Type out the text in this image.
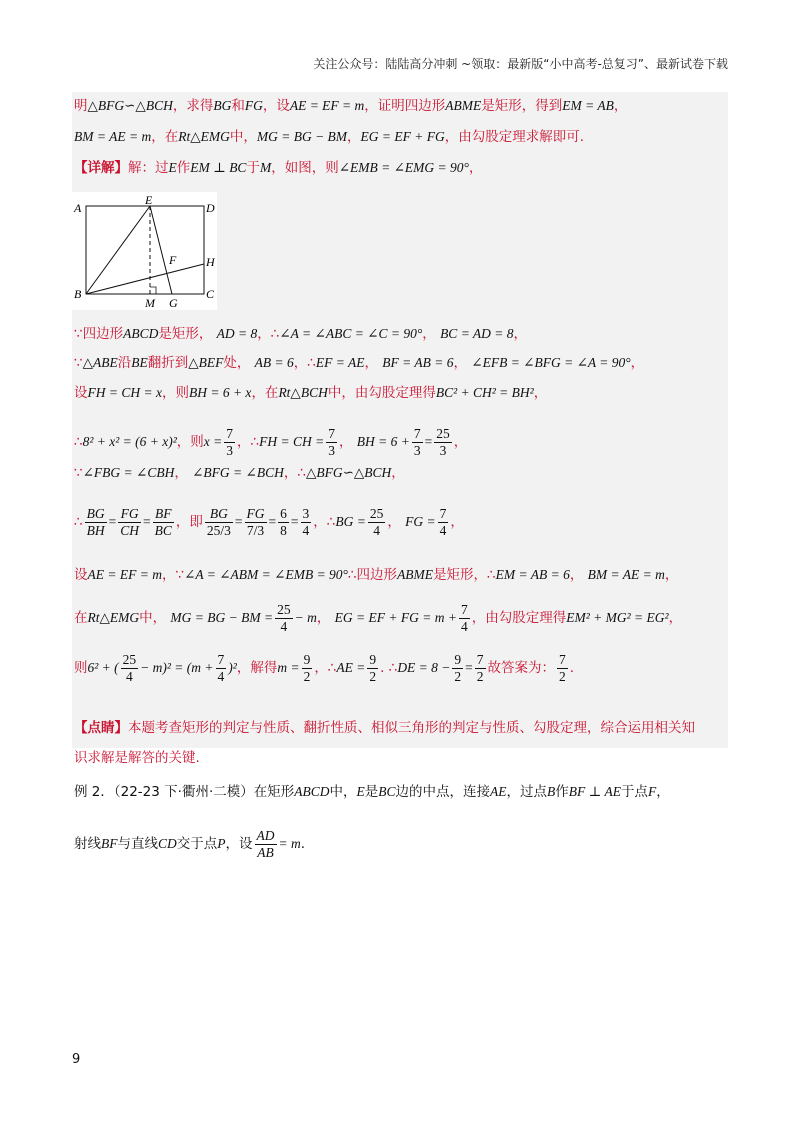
关注公众号：陆陆高分冲刺 ~领取：最新版“小中高考-总复习”、最新试卷下载
明△BFG∽△BCH，求得BG和FG，设AE = EF = m，证明四边形ABME是矩形，得到EM = AB，
BM = AE = m，在Rt△EMG中，MG = BG − BM，EG = EF + FG，由勾股定理求解即可.
【详解】解：过E作EM ⊥ BC于M，如图，则∠EMB = ∠EMG = 90°，
A
E
D
F H
B
M G
C
∵四边形ABCD是矩形， AD = 8，∴∠A = ∠ABC = ∠C = 90°， BC = AD = 8，
∵△ABE沿BE翻折到△BEF处， AB = 6，∴EF = AE， BF = AB = 6， ∠EFB = ∠BFG = ∠A = 90°，
设FH = CH = x，则BH = 6 + x，在Rt△BCH中，由勾股定理得BC² + CH² = BH²，
∴8² + x² = (6 + x)²，则$x = \frac{7}{3}$ ，∴FH = CH = $\frac{7}{3}$ ， BH = $6 + \frac{7}{3} = \frac{25}{3}$ ，
∵∠FBG = ∠CBH， ∠BFG = ∠BCH，∴△BFG∽△BCH，
∴ $\frac{BG}{BH} = \frac{FG}{CH} = \frac{BF}{BC}$ ，即 $\frac{BG}{25/3} = \frac{FG}{7/3} = \frac{6}{8} = \frac{3}{4}$ ，∴BG = $\frac{25}{4}$ ， FG = $\frac{7}{4}$ ，
设AE = EF = m，∵∠A = ∠ABM = ∠EMB = 90°∴四边形ABME是矩形，∴EM = AB = 6， BM = AE = m，
在Rt△EMG中， MG = BG − BM = $\frac{25}{4} - m$， EG = EF + FG = $m + \frac{7}{4}$ ，由勾股定理得EM² + MG² = EG²，
则6² + ( $\frac{25}{4} - m)^2 = (m + \frac{7}{4} )^2$，解得$m = \frac{9}{2}$ ，∴AE = $\frac{9}{2}$ . ∴DE = $8 - \frac{9}{2} = \frac{7}{2}$ 故答案为： $\frac{7}{2}$ .
【点睛】本题考查矩形的判定与性质、翻折性质、相似三角形的判定与性质、勾股定理，综合运用相关知
识求解是解答的关键.
例 2．（22-23 下·衢州·二模）在矩形ABCD中，E是BC边的中点，连接AE，过点B作BF ⊥ AE于点F，
射线BF与直线CD交于点P，设 $\frac{AD}{AB} = m$.
9
